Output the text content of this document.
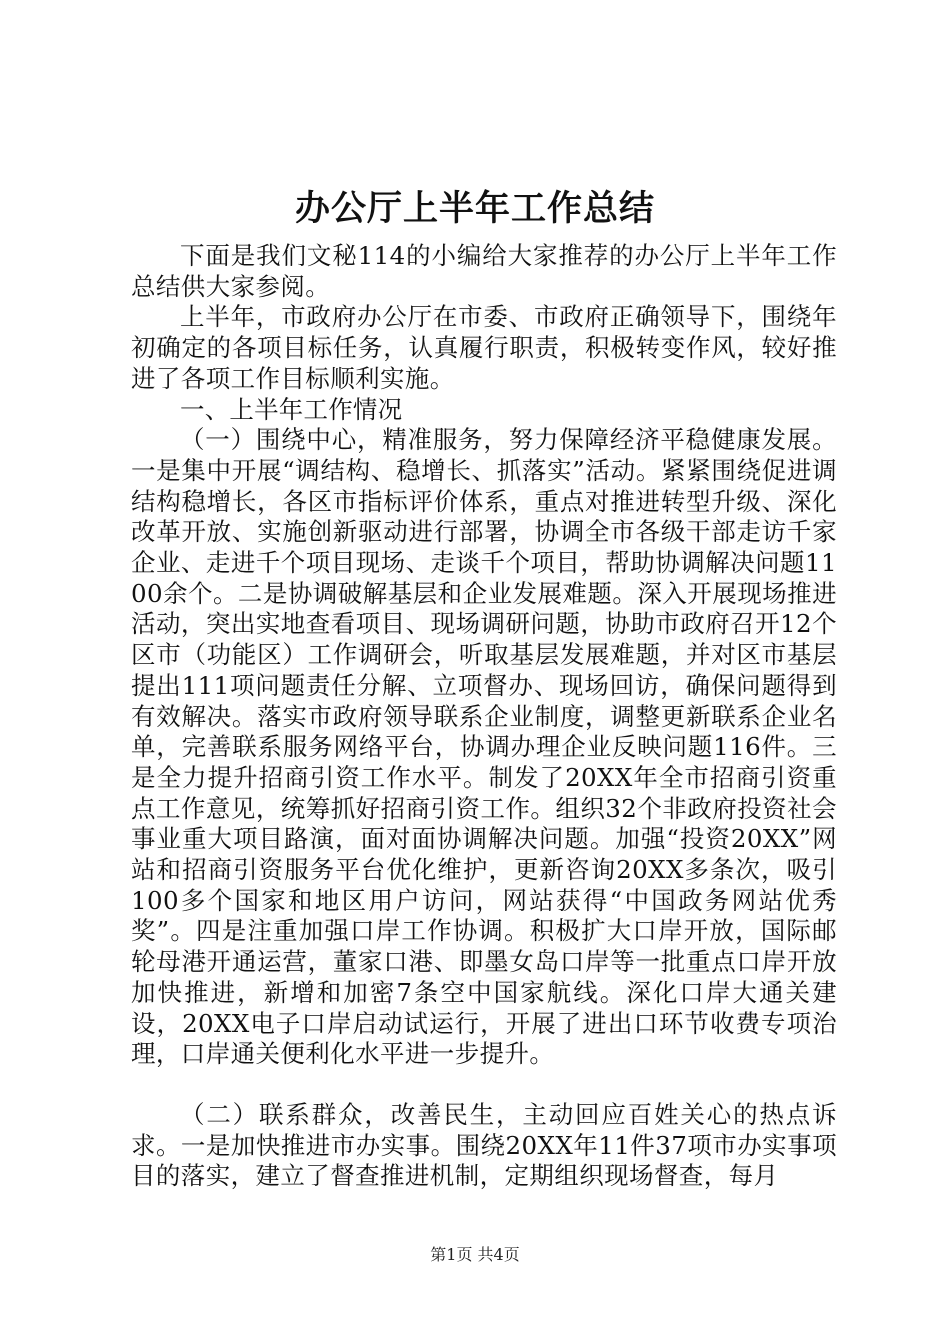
办公厅上半年工作总结

下面是我们文秘114的小编给大家推荐的办公厅上半年工作总结供大家参阅。

上半年，市政府办公厅在市委、市政府正确领导下，围绕年初确定的各项目标任务，认真履行职责，积极转变作风，较好推进了各项工作目标顺利实施。

一、上半年工作情况

（一）围绕中心，精准服务，努力保障经济平稳健康发展。一是集中开展“调结构、稳增长、抓落实”活动。紧紧围绕促进调结构稳增长，各区市指标评价体系，重点对推进转型升级、深化改革开放、实施创新驱动进行部署，协调全市各级干部走访千家企业、走进千个项目现场、走谈千个项目，帮助协调解决问题1100余个。二是协调破解基层和企业发展难题。深入开展现场推进活动，突出实地查看项目、现场调研问题，协助市政府召开12个区市（功能区）工作调研会，听取基层发展难题，并对区市基层提出111项问题责任分解、立项督办、现场回访，确保问题得到有效解决。落实市政府领导联系企业制度，调整更新联系企业名单，完善联系服务网络平台，协调办理企业反映问题116件。三是全力提升招商引资工作水平。制发了20XX年全市招商引资重点工作意见，统筹抓好招商引资工作。组织32个非政府投资社会事业重大项目路演，面对面协调解决问题。加强“投资20XX”网站和招商引资服务平台优化维护，更新咨询20XX多条次，吸引100多个国家和地区用户访问，网站获得“中国政务网站优秀奖”。四是注重加强口岸工作协调。积极扩大口岸开放，国际邮轮母港开通运营，董家口港、即墨女岛口岸等一批重点口岸开放加快推进，新增和加密7条空中国家航线。深化口岸大通关建设，20XX电子口岸启动试运行，开展了进出口环节收费专项治理，口岸通关便利化水平进一步提升。

（二）联系群众，改善民生，主动回应百姓关心的热点诉求。一是加快推进市办实事。围绕20XX年11件37项市办实事项目的落实，建立了督查推进机制，定期组织现场督查，每月

第1页 共4页
